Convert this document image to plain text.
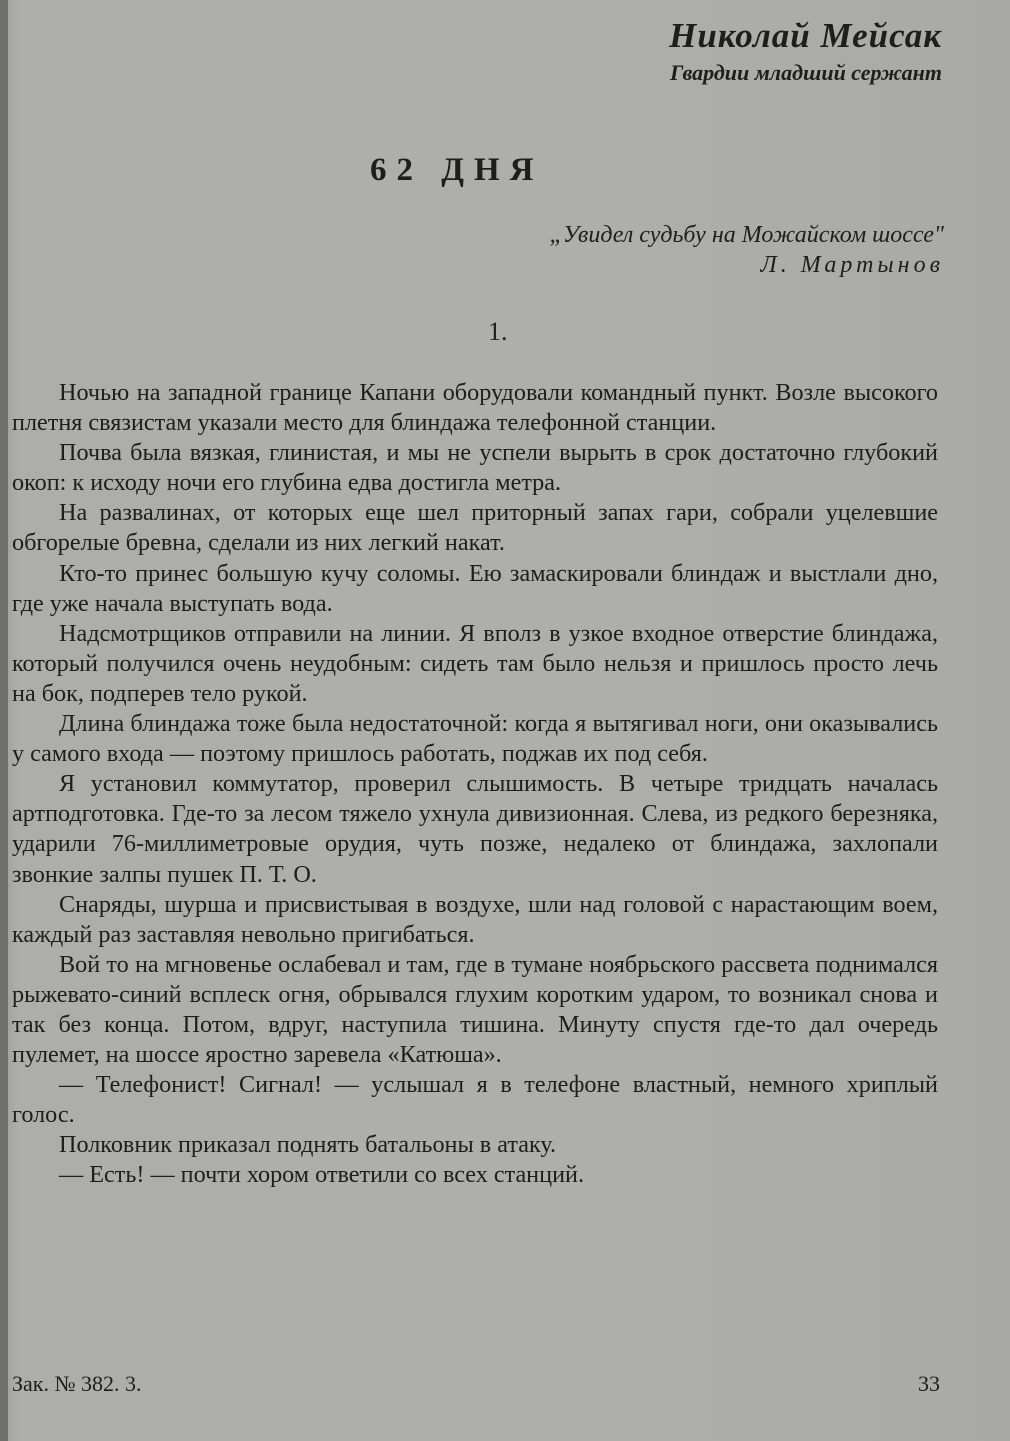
Николай Мейсак
Гвардии младший сержант
62 ДНЯ
„Увидел судьбу на Можайском шоссе"
Л. Мартынов
1.

Ночью на западной границе Капани оборудовали командный пункт. Возле высокого плетня связистам указали место для блиндажа телефонной станции.

Почва была вязкая, глинистая, и мы не успели вырыть в срок достаточно глубокий окоп: к исходу ночи его глубина едва достигла метра.

На развалинах, от которых еще шел приторный запах гари, собрали уцелевшие обгорелые бревна, сделали из них легкий накат.

Кто-то принес большую кучу соломы. Ею замаскировали блиндаж и выстлали дно, где уже начала выступать вода.

Надсмотрщиков отправили на линии. Я вполз в узкое входное отверстие блиндажа, который получился очень неудобным: сидеть там было нельзя и пришлось просто лечь на бок, подперев тело рукой.

Длина блиндажа тоже была недостаточной: когда я вытягивал ноги, они оказывались у самого входа — поэтому пришлось работать, поджав их под себя.

Я установил коммутатор, проверил слышимость. В четыре тридцать началась артподготовка. Где-то за лесом тяжело ухнула дивизионная. Слева, из редкого березняка, ударили 76-миллиметровые орудия, чуть позже, недалеко от блиндажа, захлопали звонкие залпы пушек П. Т. О.

Снаряды, шурша и присвистывая в воздухе, шли над головой с нарастающим воем, каждый раз заставляя невольно пригибаться.

Вой то на мгновенье ослабевал и там, где в тумане ноябрьского рассвета поднимался рыжевато-синий всплеск огня, обрывался глухим коротким ударом, то возникал снова и так без конца. Потом, вдруг, наступила тишина. Минуту спустя где-то дал очередь пулемет, на шоссе яростно заревела «Катюша».

— Телефонист! Сигнал! — услышал я в телефоне властный, немного хриплый голос.

Полковник приказал поднять батальоны в атаку.

— Есть! — почти хором ответили со всех станций.

Зак. № 382. 3.	33
